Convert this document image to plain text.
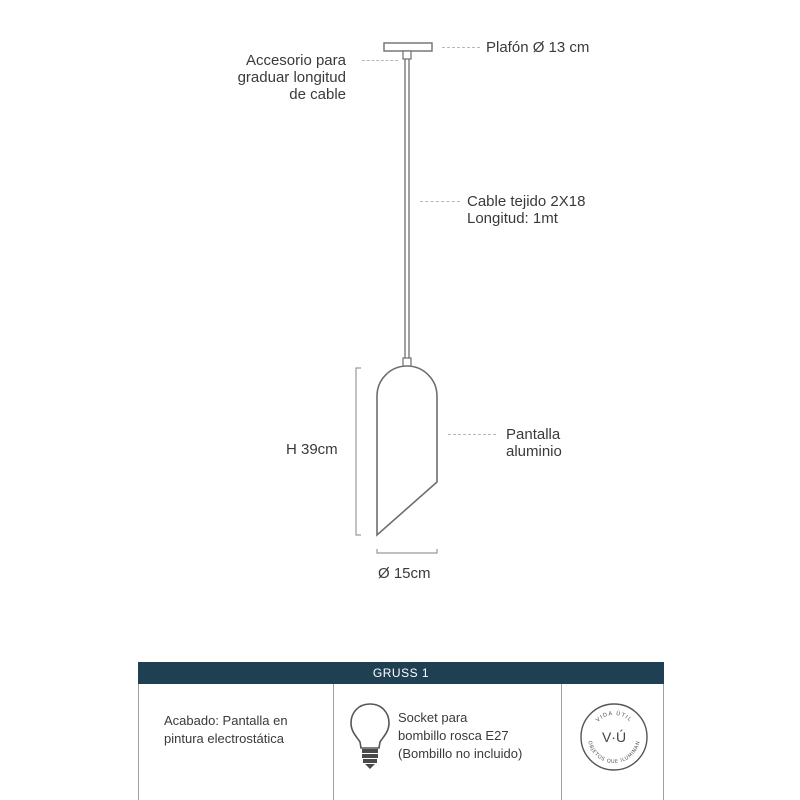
Plafón Ø 13 cm
Accesorio para
graduar longitud
de cable
Cable tejido 2X18
Longitud: 1mt
Pantalla
aluminio
H 39cm
Ø 15cm
GRUSS 1
Acabado: Pantalla en
pintura electrostática
Socket para
bombillo rosca E27
(Bombillo no incluido)
VIDA ÚTIL
OBJETOS QUE ILUMINAN
V·Ú
